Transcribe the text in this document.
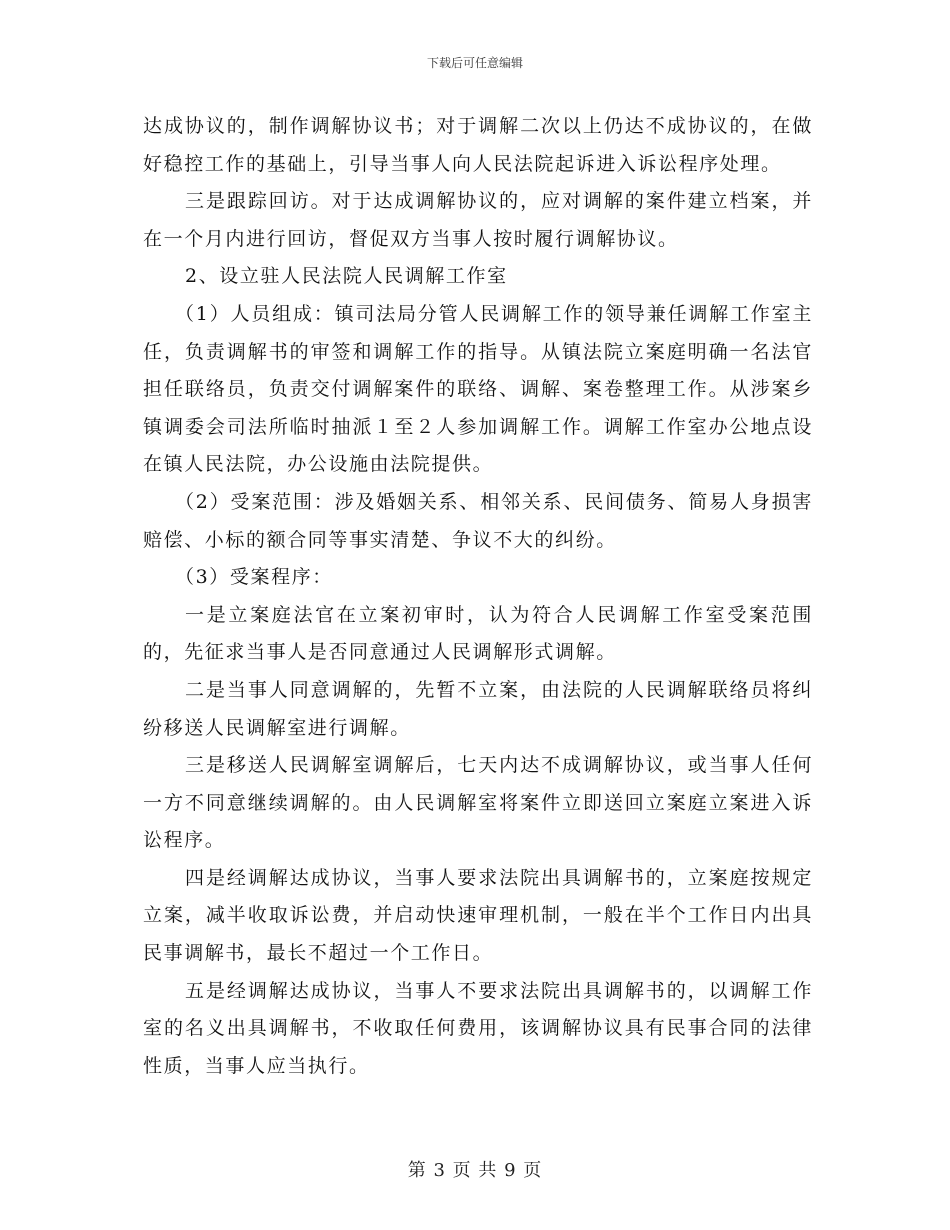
下载后可任意编辑

达成协议的，制作调解协议书；对于调解二次以上仍达不成协议的，在做好稳控工作的基础上，引导当事人向人民法院起诉进入诉讼程序处理。

三是跟踪回访。对于达成调解协议的，应对调解的案件建立档案，并在一个月内进行回访，督促双方当事人按时履行调解协议。

2、设立驻人民法院人民调解工作室

（1）人员组成：镇司法局分管人民调解工作的领导兼任调解工作室主任，负责调解书的审签和调解工作的指导。从镇法院立案庭明确一名法官担任联络员，负责交付调解案件的联络、调解、案卷整理工作。从涉案乡镇调委会司法所临时抽派１至２人参加调解工作。调解工作室办公地点设在镇人民法院，办公设施由法院提供。

（2）受案范围：涉及婚姻关系、相邻关系、民间债务、简易人身损害赔偿、小标的额合同等事实清楚、争议不大的纠纷。

（3）受案程序：

一是立案庭法官在立案初审时，认为符合人民调解工作室受案范围的，先征求当事人是否同意通过人民调解形式调解。

二是当事人同意调解的，先暂不立案，由法院的人民调解联络员将纠纷移送人民调解室进行调解。

三是移送人民调解室调解后，七天内达不成调解协议，或当事人任何一方不同意继续调解的。由人民调解室将案件立即送回立案庭立案进入诉讼程序。

四是经调解达成协议，当事人要求法院出具调解书的，立案庭按规定立案，减半收取诉讼费，并启动快速审理机制，一般在半个工作日内出具民事调解书，最长不超过一个工作日。

五是经调解达成协议，当事人不要求法院出具调解书的，以调解工作室的名义出具调解书，不收取任何费用，该调解协议具有民事合同的法律性质，当事人应当执行。

第 3 页 共 9 页
